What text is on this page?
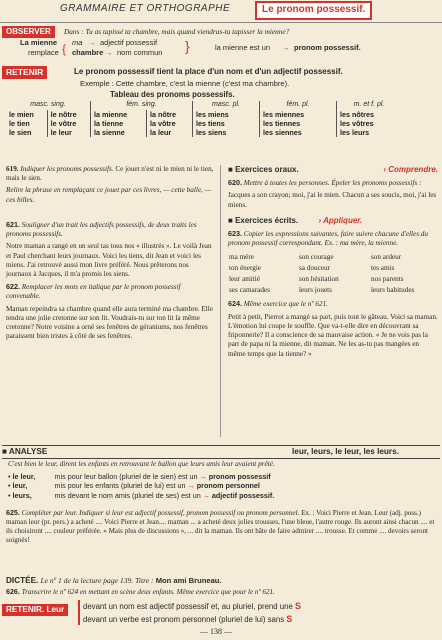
GRAMMAIRE ET ORTHOGRAPHE	Le pronom possessif.
OBSERVER	Dans : Tu as tapissé ta chambre, mais quand viendras-tu tapisser la mienne?
La mienne
remplace { ma
chambre
→
→
adjectif possessif
nom commun }	la mienne est un → pronom possessif.
RETENIR	Le pronom possessif tient la place d'un nom et d'un adjectif possessif.
Exemple : Cette chambre, c'est la mienne (c'est ma chambre).
Tableau des pronoms possessifs.
masc. sing.		fém. sing.		masc. pl.	fém. pl.	m. et f. pl.
le mien	le nôtre	la mienne	la nôtre	les miens	les miennes	les nôtres
le tien	le vôtre	la tienne	la vôtre	les tiens	les tiennes	les vôtres
le sien	le leur	la sienne	la leur	les siens	les siennes	les leurs

619. Indiquer les pronoms possessifs. Ce jouet n'est ni le mien ni le tien, mais le sien.

Relire la phrase en remplaçant ce jouet par ces livres, — cette balle, — ces billes.

621. Souligner d'un trait les adjectifs possessifs, de deux traits les pronoms possessifs.

Notre maman a rangé en un seul tas tous nos « illustrés ». Le voilà Jean et Paul cherchant leurs journaux. Voici les tiens, dit Jean et voici les miens. J'ai retrouvé aussi mon livre préféré. Nous prêterons nos journaux à Jacques, il m'a promis les siens.

622. Remplacer les mots en italique par le pronom possessif convenable.

Maman repeindra sa chambre quand elle aura terminé ma chambre. Elle tendra une jolie cretonne sur son lit. Voudrais-tu sur ton lit la même cretonne? Notre voisine a orné ses fenêtres de géraniums, nos fenêtres paraissent bien tristes à côté de ses fenêtres.

■ Exercices oraux.	› Comprendre.

620. Mettre à toutes les personnes. Épeler les pronoms possessifs :

Jacques a son crayon; moi, j'ai le mien. Chacun a ses soucis, moi, j'ai les miens.

■ Exercices écrits.	› Appliquer.

623. Copier les expressions suivantes, faire suivre chacune d'elles du pronom possessif correspondant. Ex. : ma mère, la mienne.

ma mère	son courage	son ardeur
ton énergie	sa douceur	tes amis
leur amitié	son hésitation	nos parents
ses camarades	leurs jouets	leurs habitudes

624. Même exercice que le nº 621.

Petit à petit, Pierrot a mangé sa part, puis tout le gâteau. Voici sa maman. L'émotion lui coupe le souffle. Que va-t-elle dire en découvrant sa friponnerie? Il a conscience de sa mauvaise action. « Je ne vois pas la part de papa ni la mienne, dit maman. Ne les as-tu pas mangées en même temps que la tienne? »

■ ANALYSE	leur, leurs, le leur, les leurs.
C'est bien le leur, dirent les enfants en retrouvant le ballon que leurs amis leur avaient prêté.
• le leur,	mis pour leur ballon (pluriel de le sien) est un → pronom possessif
• leur,	mis pour les enfants (pluriel de lui) est un → pronom personnel
• leurs,	mis devant le nom amis (pluriel de ses) est un → adjectif possessif.
625. Compléter par leur. Indiquer si leur est adjectif possessif, pronom possessif ou pronom personnel. Ex. : Voici Pierre et Jean. Leur (adj. poss.) maman leur (pr. pers.) a acheté .... Voici Pierre et Jean.... maman ... a acheté deux jolies trousses, l'une bleue, l'autre rouge. Ils auront ainsi chacun .... et ils choisiront .... couleur préférée. « Mais plus de discussions », ... dit la maman. Ils ont hâte de faire admirer .... trousse. Et comme .... devoirs seront soignés!
DICTÉE. Le nº 1 de la lecture page 139. Titre : Mon ami Bruneau.
626. Transcrire le nº 624 en mettant en scène deux enfants. Même exercice que pour le nº 621.
RETENIR. Leur	devant un nom est adjectif possessif et, au pluriel, prend une S
devant un verbe est pronom personnel (pluriel de lui) sans S
— 138 —
